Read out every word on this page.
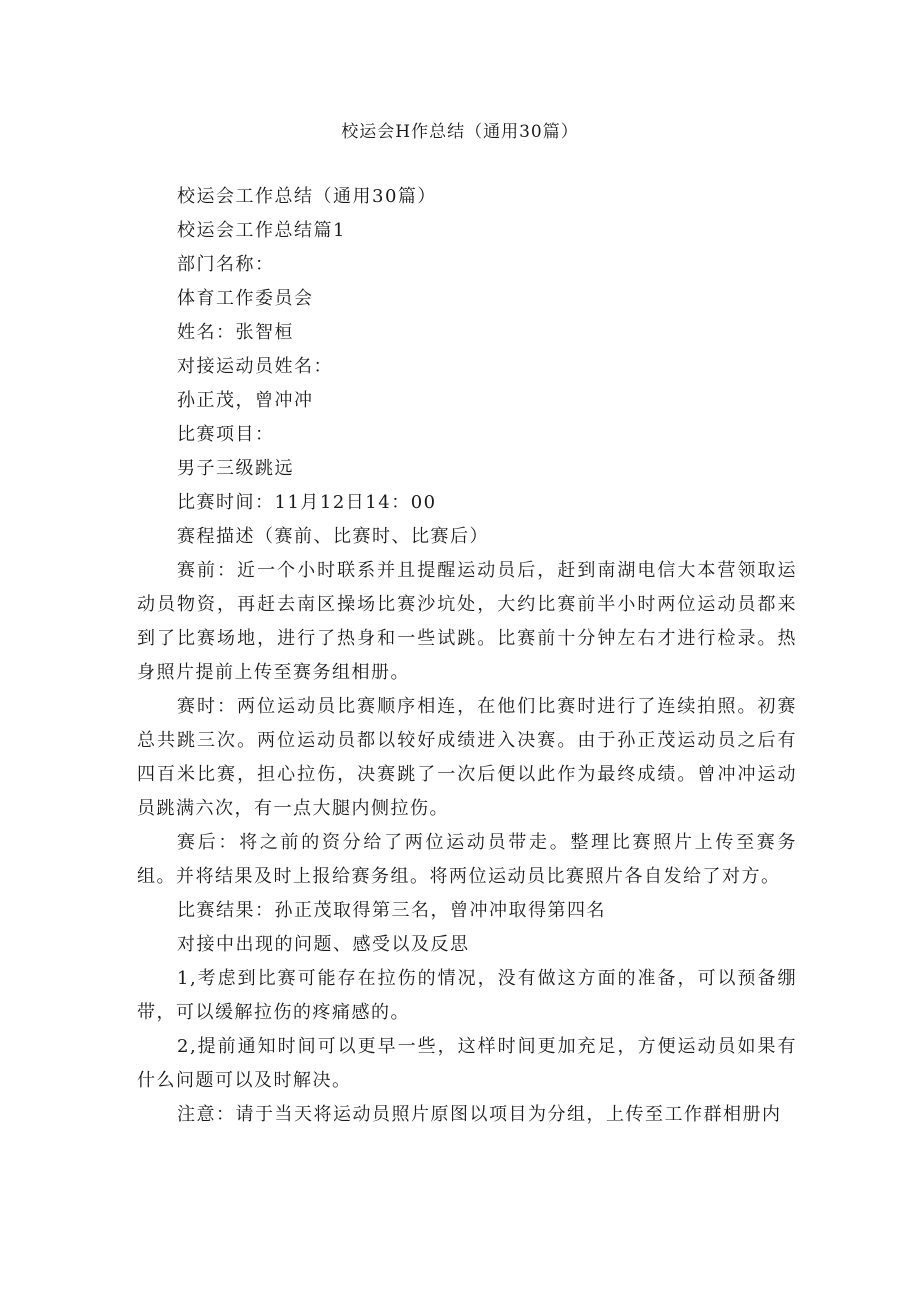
校运会H作总结（通用30篇）

校运会工作总结（通用30篇）

校运会工作总结篇1

部门名称：

体育工作委员会

姓名：张智桓

对接运动员姓名：

孙正茂，曾冲冲

比赛项目：

男子三级跳远

比赛时间：11月12日14：00

赛程描述（赛前、比赛时、比赛后）

赛前：近一个小时联系并且提醒运动员后，赶到南湖电信大本营领取运动员物资，再赶去南区操场比赛沙坑处，大约比赛前半小时两位运动员都来到了比赛场地，进行了热身和一些试跳。比赛前十分钟左右才进行检录。热身照片提前上传至赛务组相册。

赛时：两位运动员比赛顺序相连，在他们比赛时进行了连续拍照。初赛总共跳三次。两位运动员都以较好成绩进入决赛。由于孙正茂运动员之后有四百米比赛，担心拉伤，决赛跳了一次后便以此作为最终成绩。曾冲冲运动员跳满六次，有一点大腿内侧拉伤。

赛后：将之前的资分给了两位运动员带走。整理比赛照片上传至赛务组。并将结果及时上报给赛务组。将两位运动员比赛照片各自发给了对方。

比赛结果：孙正茂取得第三名，曾冲冲取得第四名

对接中出现的问题、感受以及反思

1,考虑到比赛可能存在拉伤的情况，没有做这方面的准备，可以预备绷带，可以缓解拉伤的疼痛感的。

2,提前通知时间可以更早一些，这样时间更加充足，方便运动员如果有什么问题可以及时解决。

注意：请于当天将运动员照片原图以项目为分组，上传至工作群相册内
